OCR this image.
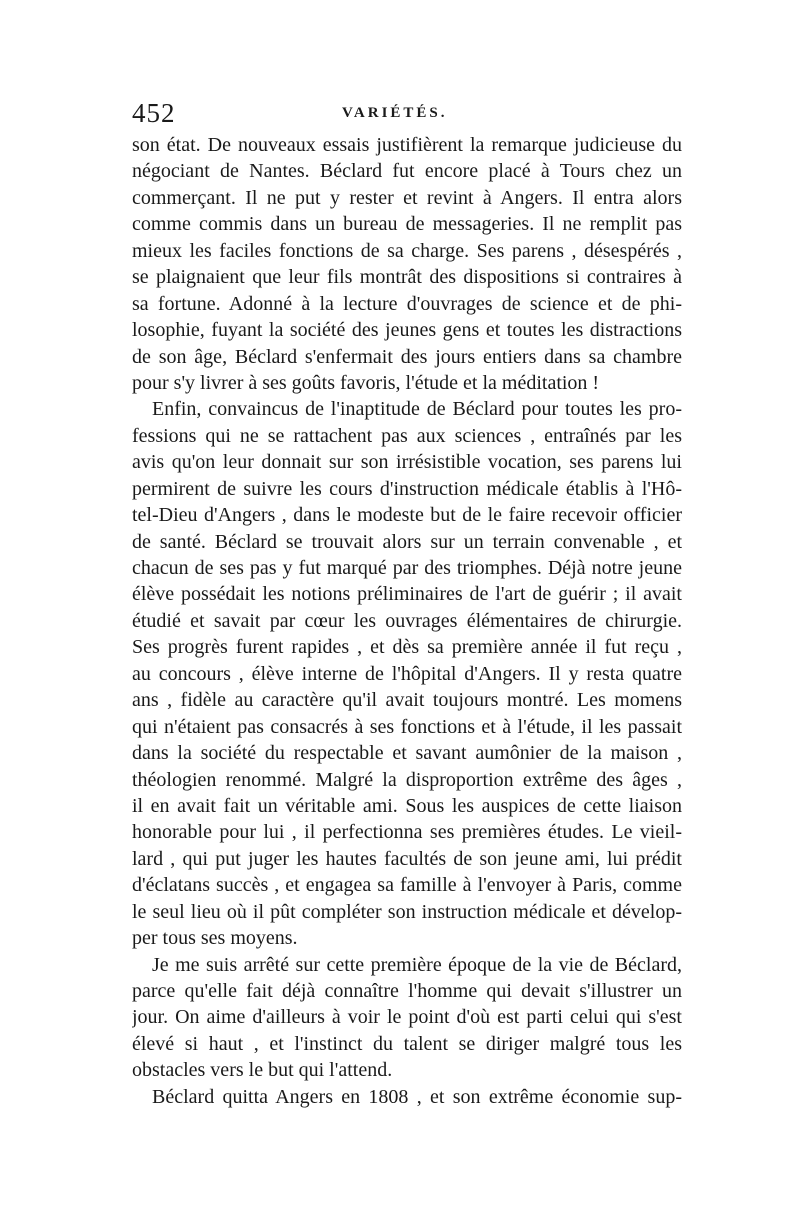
452	VARIÉTÉS.
son état. De nouveaux essais justifièrent la remarque judicieuse du
négociant de Nantes. Béclard fut encore placé à Tours chez un
commerçant. Il ne put y rester et revint à Angers. Il entra alors
comme commis dans un bureau de messageries. Il ne remplit pas
mieux les faciles fonctions de sa charge. Ses parens , désespérés ,
se plaignaient que leur fils montrât des dispositions si contraires à
sa fortune. Adonné à la lecture d'ouvrages de science et de phi-
losophie, fuyant la société des jeunes gens et toutes les distractions
de son âge, Béclard s'enfermait des jours entiers dans sa chambre
pour s'y livrer à ses goûts favoris, l'étude et la méditation !
Enfin, convaincus de l'inaptitude de Béclard pour toutes les pro-
fessions qui ne se rattachent pas aux sciences , entraînés par les
avis qu'on leur donnait sur son irrésistible vocation, ses parens lui
permirent de suivre les cours d'instruction médicale établis à l'Hô-
tel-Dieu d'Angers , dans le modeste but de le faire recevoir officier
de santé. Béclard se trouvait alors sur un terrain convenable , et
chacun de ses pas y fut marqué par des triomphes. Déjà notre jeune
élève possédait les notions préliminaires de l'art de guérir ; il avait
étudié et savait par cœur les ouvrages élémentaires de chirurgie.
Ses progrès furent rapides , et dès sa première année il fut reçu ,
au concours , élève interne de l'hôpital d'Angers. Il y resta quatre
ans , fidèle au caractère qu'il avait toujours montré. Les momens
qui n'étaient pas consacrés à ses fonctions et à l'étude, il les passait
dans la société du respectable et savant aumônier de la maison ,
théologien renommé. Malgré la disproportion extrême des âges ,
il en avait fait un véritable ami. Sous les auspices de cette liaison
honorable pour lui , il perfectionna ses premières études. Le vieil-
lard , qui put juger les hautes facultés de son jeune ami, lui prédit
d'éclatans succès , et engagea sa famille à l'envoyer à Paris, comme
le seul lieu où il pût compléter son instruction médicale et dévelop-
per tous ses moyens.
Je me suis arrêté sur cette première époque de la vie de Béclard,
parce qu'elle fait déjà connaître l'homme qui devait s'illustrer un
jour. On aime d'ailleurs à voir le point d'où est parti celui qui s'est
élevé si haut , et l'instinct du talent se diriger malgré tous les
obstacles vers le but qui l'attend.
Béclard quitta Angers en 1808 , et son extrême économie sup-
